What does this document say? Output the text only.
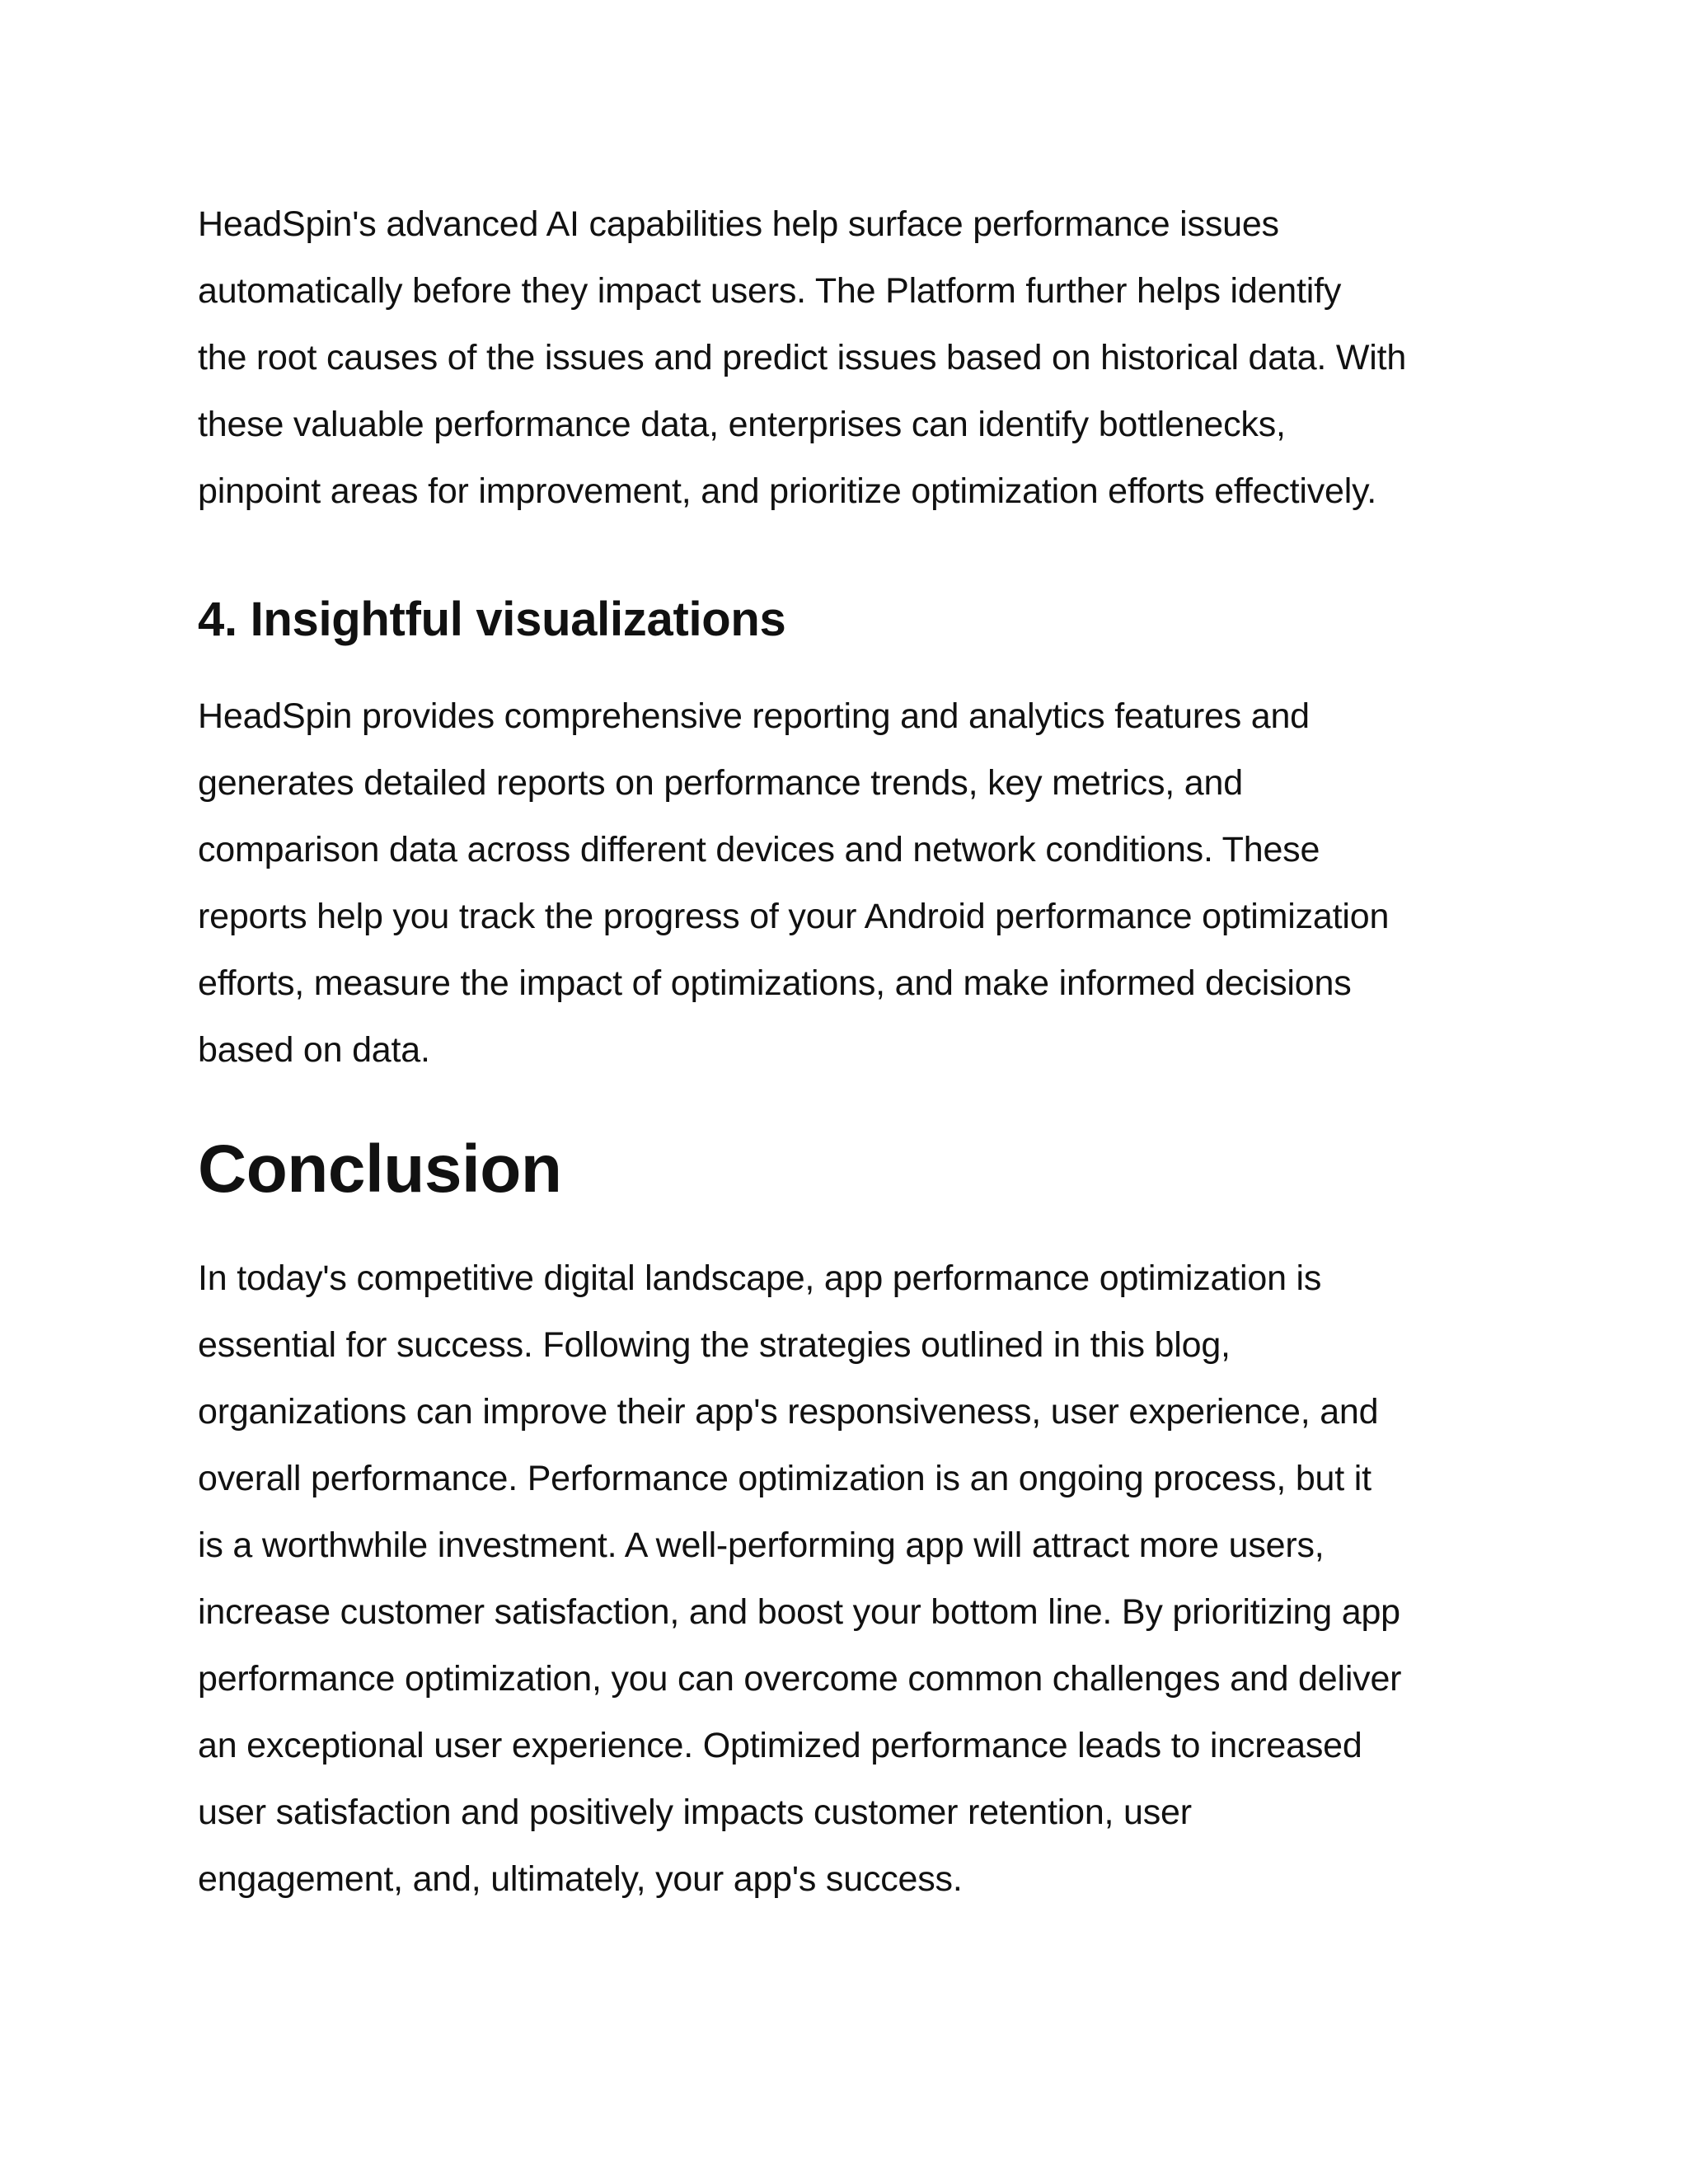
HeadSpin's advanced AI capabilities help surface performance issues

automatically before they impact users. The Platform further helps identify

the root causes of the issues and predict issues based on historical data. With

these valuable performance data, enterprises can identify bottlenecks,

pinpoint areas for improvement, and prioritize optimization efforts effectively.

4. Insightful visualizations

HeadSpin provides comprehensive reporting and analytics features and

generates detailed reports on performance trends, key metrics, and

comparison data across different devices and network conditions. These

reports help you track the progress of your Android performance optimization

efforts, measure the impact of optimizations, and make informed decisions

based on data.

Conclusion

In today's competitive digital landscape, app performance optimization is

essential for success. Following the strategies outlined in this blog,

organizations can improve their app's responsiveness, user experience, and

overall performance. Performance optimization is an ongoing process, but it

is a worthwhile investment. A well-performing app will attract more users,

increase customer satisfaction, and boost your bottom line. By prioritizing app

performance optimization, you can overcome common challenges and deliver

an exceptional user experience. Optimized performance leads to increased

user satisfaction and positively impacts customer retention, user

engagement, and, ultimately, your app's success.
